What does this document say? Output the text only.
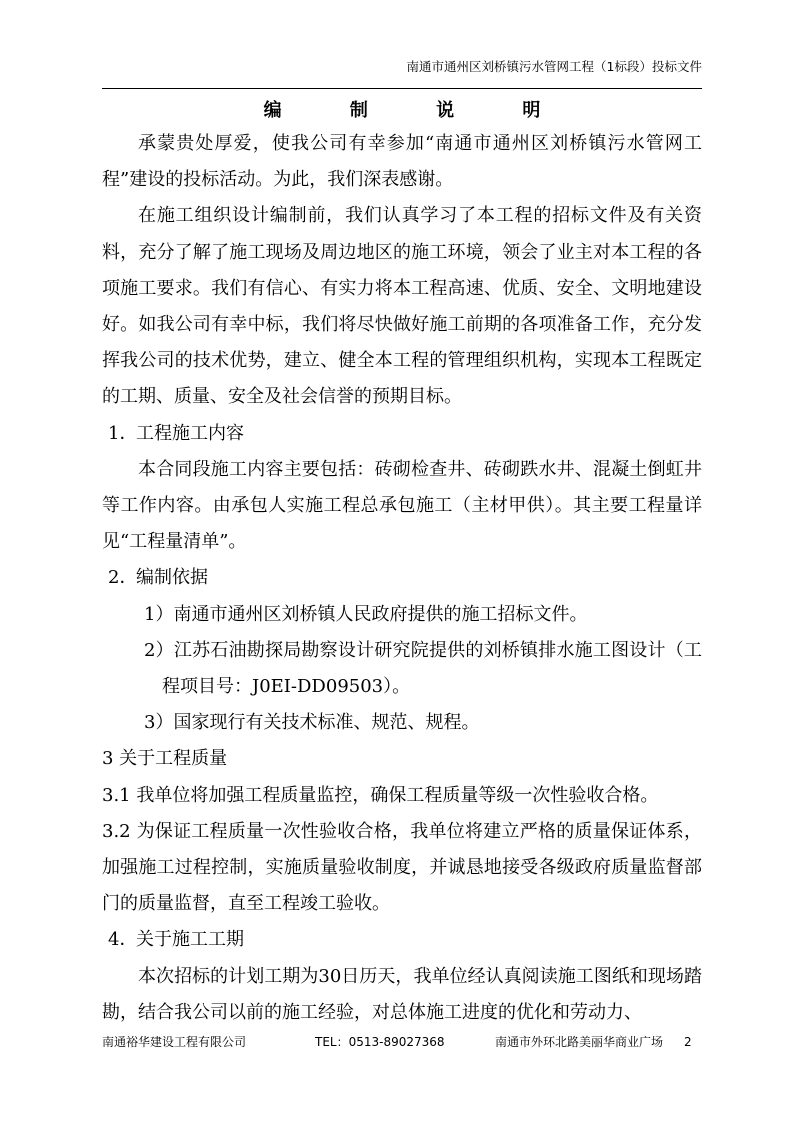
南通市通州区刘桥镇污水管网工程（1标段）投标文件

编 制 说 明

承蒙贵处厚爱，使我公司有幸参加“南通市通州区刘桥镇污水管网工程”建设的投标活动。为此，我们深表感谢。

在施工组织设计编制前，我们认真学习了本工程的招标文件及有关资料，充分了解了施工现场及周边地区的施工环境，领会了业主对本工程的各项施工要求。我们有信心、有实力将本工程高速、优质、安全、文明地建设好。如我公司有幸中标，我们将尽快做好施工前期的各项准备工作，充分发挥我公司的技术优势，建立、健全本工程的管理组织机构，实现本工程既定的工期、质量、安全及社会信誉的预期目标。

1．工程施工内容

本合同段施工内容主要包括：砖砌检查井、砖砌跌水井、混凝土倒虹井等工作内容。由承包人实施工程总承包施工（主材甲供）。其主要工程量详见“工程量清单”。

2．编制依据

1）南通市通州区刘桥镇人民政府提供的施工招标文件。

2）江苏石油勘探局勘察设计研究院提供的刘桥镇排水施工图设计（工程项目号：J0EI-DD09503）。

3）国家现行有关技术标准、规范、规程。

3 关于工程质量

3.1 我单位将加强工程质量监控，确保工程质量等级一次性验收合格。

3.2 为保证工程质量一次性验收合格，我单位将建立严格的质量保证体系，加强施工过程控制，实施质量验收制度，并诚恳地接受各级政府质量监督部门的质量监督，直至工程竣工验收。

4．关于施工工期

本次招标的计划工期为30日历天，我单位经认真阅读施工图纸和现场踏勘，结合我公司以前的施工经验，对总体施工进度的优化和劳动力、

南通裕华建设工程有限公司	TEL：0513-89027368	南通市外环北路美丽华商业广场 2
